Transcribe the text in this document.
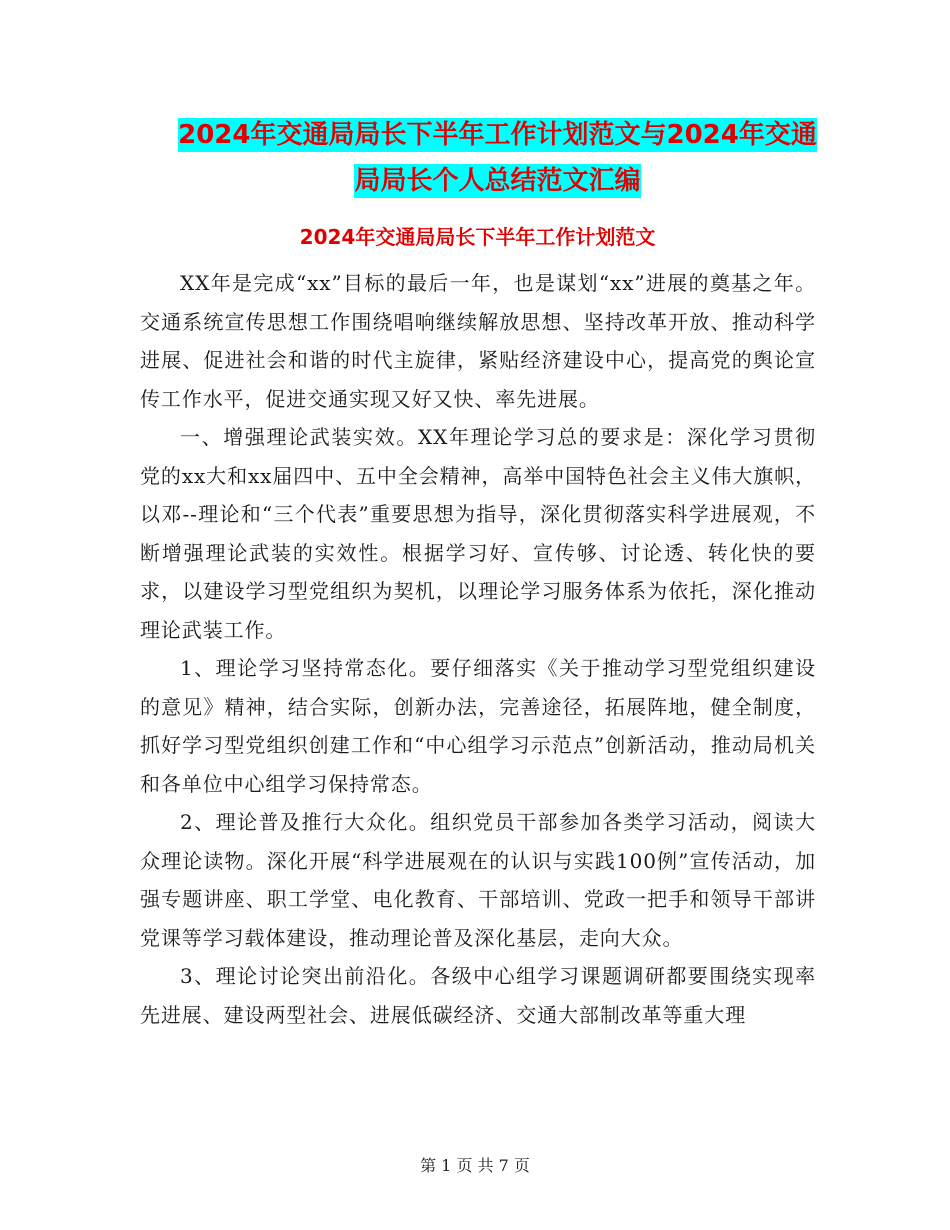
2024年交通局局长下半年工作计划范文与2024年交通
局局长个人总结范文汇编
2024年交通局局长下半年工作计划范文

XX年是完成“xx”目标的最后一年，也是谋划“xx”进展的奠基之年。交通系统宣传思想工作围绕唱响继续解放思想、坚持改革开放、推动科学进展、促进社会和谐的时代主旋律，紧贴经济建设中心，提高党的舆论宣传工作水平，促进交通实现又好又快、率先进展。

一、增强理论武装实效。XX年理论学习总的要求是：深化学习贯彻党的xx大和xx届四中、五中全会精神，高举中国特色社会主义伟大旗帜，以邓--理论和“三个代表”重要思想为指导，深化贯彻落实科学进展观，不断增强理论武装的实效性。根据学习好、宣传够、讨论透、转化快的要求，以建设学习型党组织为契机，以理论学习服务体系为依托，深化推动理论武装工作。

1、理论学习坚持常态化。要仔细落实《关于推动学习型党组织建设的意见》精神，结合实际，创新办法，完善途径，拓展阵地，健全制度，抓好学习型党组织创建工作和“中心组学习示范点”创新活动，推动局机关和各单位中心组学习保持常态。

2、理论普及推行大众化。组织党员干部参加各类学习活动，阅读大众理论读物。深化开展“科学进展观在的认识与实践100例”宣传活动，加强专题讲座、职工学堂、电化教育、干部培训、党政一把手和领导干部讲党课等学习载体建设，推动理论普及深化基层，走向大众。

3、理论讨论突出前沿化。各级中心组学习课题调研都要围绕实现率先进展、建设两型社会、进展低碳经济、交通大部制改革等重大理

第 1 页 共 7 页
